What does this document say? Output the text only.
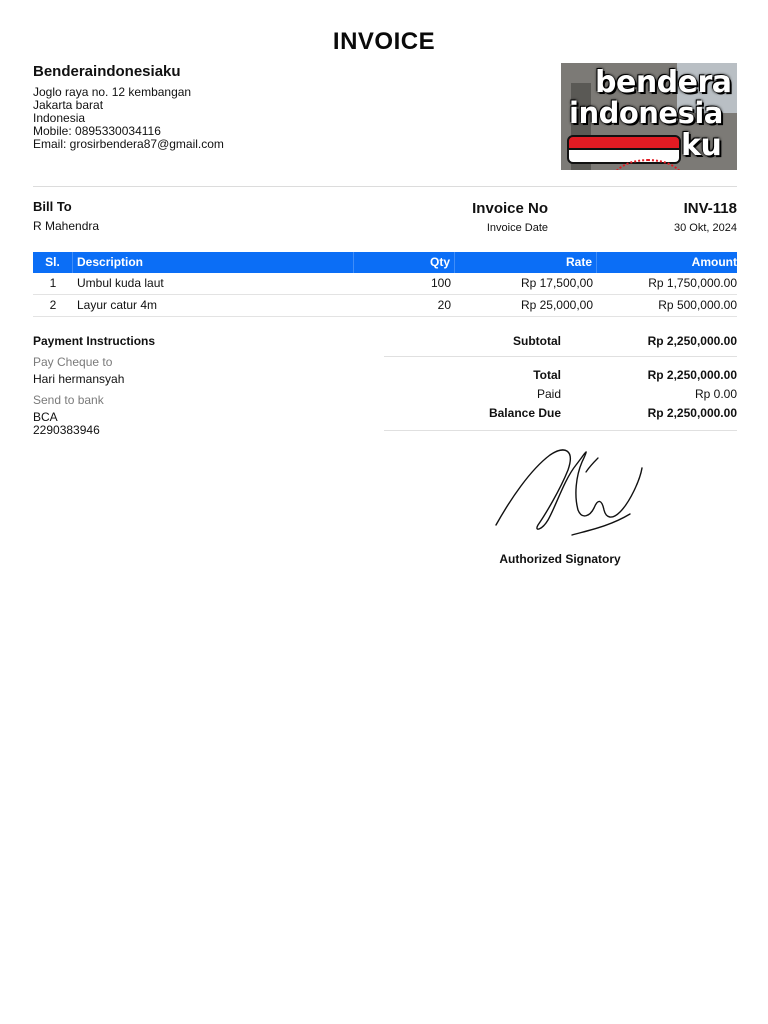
INVOICE
Benderaindonesiaku
Joglo raya no. 12 kembangan
Jakarta barat
Indonesia
Mobile: 0895330034116
Email: grosirbendera87@gmail.com
bendera
indonesia
ku
Bill To
R Mahendra
Invoice No	INV-118
Invoice Date	30 Okt, 2024
Sl.	Description	Qty	Rate	Amount
1	Umbul kuda laut	100	Rp 17,500,00	Rp 1,750,000.00
2	Layur catur 4m	20	Rp 25,000,00	Rp 500,000.00
Payment Instructions
Pay Cheque to
Hari hermansyah
Send to bank
BCA
2290383946
Subtotal	Rp 2,250,000.00
Total	Rp 2,250,000.00
Paid	Rp 0.00
Balance Due	Rp 2,250,000.00
Authorized Signatory
